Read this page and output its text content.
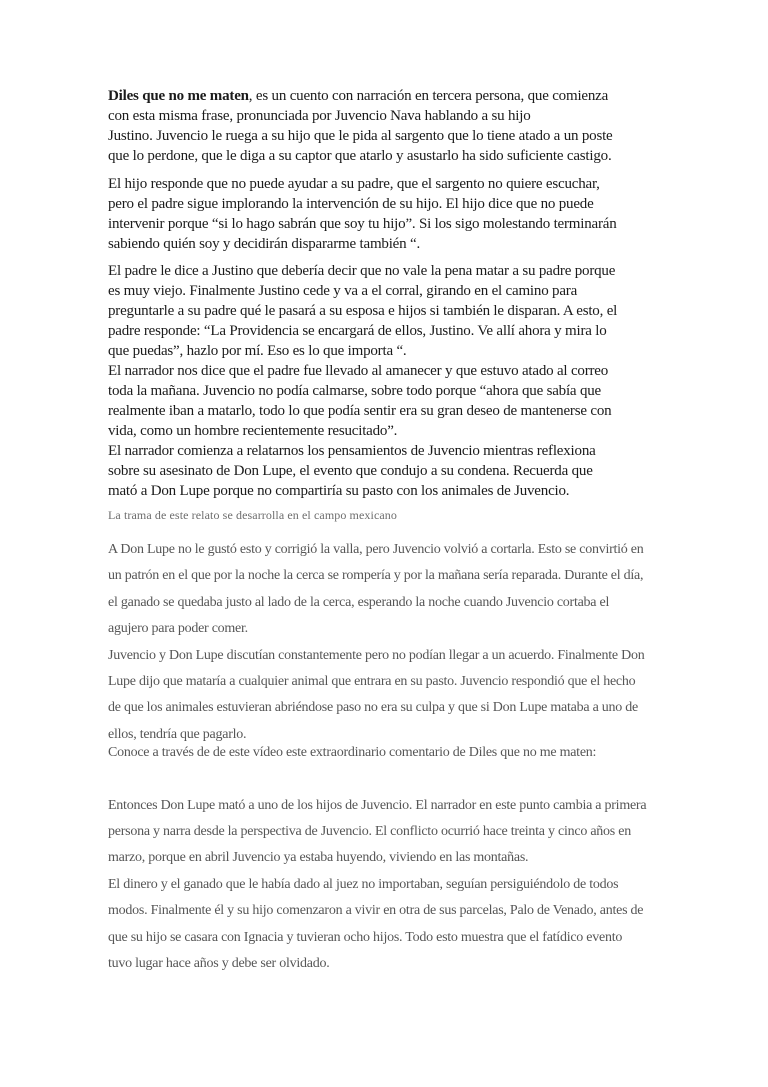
Diles que no me maten, es un cuento con narración en tercera persona, que comienza
con esta misma frase, pronunciada por Juvencio Nava hablando a su hijo
Justino. Juvencio le ruega a su hijo que le pida al sargento que lo tiene atado a un poste
que lo perdone, que le diga a su captor que atarlo y asustarlo ha sido suficiente castigo.

El hijo responde que no puede ayudar a su padre, que el sargento no quiere escuchar,
pero el padre sigue implorando la intervención de su hijo. El hijo dice que no puede
intervenir porque “si lo hago sabrán que soy tu hijo”. Si los sigo molestando terminarán
sabiendo quién soy y decidirán dispararme también “.

El padre le dice a Justino que debería decir que no vale la pena matar a su padre porque
es muy viejo. Finalmente Justino cede y va a el corral, girando en el camino para
preguntarle a su padre qué le pasará a su esposa e hijos si también le disparan. A esto, el
padre responde: “La Providencia se encargará de ellos, Justino. Ve allí ahora y mira lo
que puedas”, hazlo por mí. Eso es lo que importa “.
El narrador nos dice que el padre fue llevado al amanecer y que estuvo atado al correo
toda la mañana. Juvencio no podía calmarse, sobre todo porque “ahora que sabía que
realmente iban a matarlo, todo lo que podía sentir era su gran deseo de mantenerse con
vida, como un hombre recientemente resucitado”.
El narrador comienza a relatarnos los pensamientos de Juvencio mientras reflexiona
sobre su asesinato de Don Lupe, el evento que condujo a su condena. Recuerda que
mató a Don Lupe porque no compartiría su pasto con los animales de Juvencio.

La trama de este relato se desarrolla en el campo mexicano

A Don Lupe no le gustó esto y corrigió la valla, pero Juvencio volvió a cortarla. Esto se convirtió en
un patrón en el que por la noche la cerca se rompería y por la mañana sería reparada. Durante el día,
el ganado se quedaba justo al lado de la cerca, esperando la noche cuando Juvencio cortaba el
agujero para poder comer.

Juvencio y Don Lupe discutían constantemente pero no podían llegar a un acuerdo. Finalmente Don
Lupe dijo que mataría a cualquier animal que entrara en su pasto. Juvencio respondió que el hecho
de que los animales estuvieran abriéndose paso no era su culpa y que si Don Lupe mataba a uno de
ellos, tendría que pagarlo.

Conoce a través de de este vídeo este extraordinario comentario de Diles que no me maten:

Entonces Don Lupe mató a uno de los hijos de Juvencio. El narrador en este punto cambia a primera
persona y narra desde la perspectiva de Juvencio. El conflicto ocurrió hace treinta y cinco años en
marzo, porque en abril Juvencio ya estaba huyendo, viviendo en las montañas.

El dinero y el ganado que le había dado al juez no importaban, seguían persiguiéndolo de todos
modos. Finalmente él y su hijo comenzaron a vivir en otra de sus parcelas, Palo de Venado, antes de
que su hijo se casara con Ignacia y tuvieran ocho hijos. Todo esto muestra que el fatídico evento
tuvo lugar hace años y debe ser olvidado.
